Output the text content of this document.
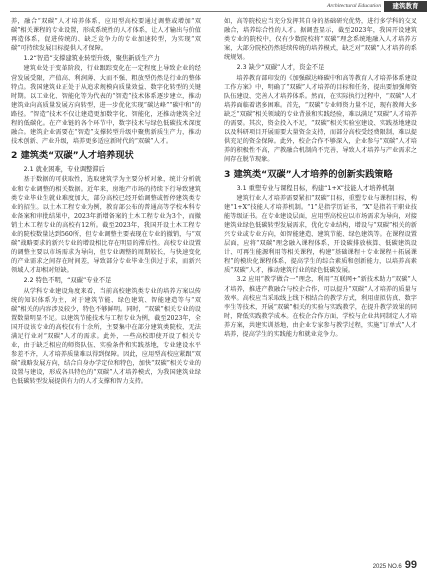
Architectural Education	建筑教育

养，融合“双碳”人才培养体系，应用型高校要通过调整或增加“双碳”相关课程的专业设置，形成系统性的人才体系，让人才输出与价值再造体系，促进传统的、缺乏竞争力的专业加速转型，为实现“双碳”可持续发展目标提供人才保障。

1.2“智造”支撑建筑业转型升级，聚焦新质生产力

建筑业处于变革阶段，行业跟踪变化在一定程度上导致企业的经营发展受限，产值高、利润薄、大而不强、粗放型仍然是行业的整体特点。我国建筑业正处于从追求规模向质量效益、数字化转型的关键时期。以工业化、智能化等为代表的“智造”技术体系逐步建立，推动建筑业向高质量发展方向转型，进一步优化实现“碳达峰”“碳中和”的路径。“智造”技术不仅让建造更加数字化、智能化，还推动建筑全过程的低碳化。在产业链的各个环节中，数字技术与绿色低碳技术深度融合。建筑企业需要在“智造”支撑转型升级中聚焦新质生产力，推动技术创新、产业升级，培养更多适应新时代的“双碳”人才。

2 建筑类“双碳”人才培养现状
2.1 就业困难，专业调整滞后

基于数据的可获取性，选取建筑学为主要分析对象，统计分析就业和专业调整的相关数据。近年来，房地产市场的持续下行导致建筑类专业毕业生就业难度加大，部分高校已经开始调整或暂停建筑类专业的招生。以土木工程专业为例，教育部公布的普通高等学校本科专业备案和审批结果中，2023年新增备案的土木工程专业为3个，而撤销土木工程专业的高校有12所。截至2023年，我国开设土木工程专业的院校数量达到560所，但专业调整主要表现在专业的撤销，与“双碳”战略要求的新兴专业的增设相比存在明显的滞后性。高校专业设置的调整主要以市场需求为导向，但专业调整的周期较长，与快速变化的产业需求之间存在时间差，导致部分专业毕业生供过于求，而新兴领域人才却相对短缺。

2.2 特色不明，“双碳”专业不足

从学科专业建设角度来看，当前高校建筑类专业的培养方案以传统的知识体系为主，对于建筑节能、绿色建筑、智能建造等与“双碳”相关的内容涉及较少，特色不够鲜明。同时，“双碳”相关专业的设置数量明显不足。以建筑节能技术与工程专业为例，截至2023年，全国开设该专业的高校仅有十余所，主要集中在部分建筑类院校，无法满足行业对“双碳”人才的需求。此外，一些高校即使开设了相关专业，由于缺乏相应的师资队伍、实验条件和实践基地，专业建设水平参差不齐，人才培养质量难以得到保障。因此，应用型高校应紧跟“双碳”战略发展方向，结合自身办学定位和特色，加快“双碳”相关专业的设置与建设，形成各具特色的“双碳”人才培养模式，为我国建筑业绿色低碳转型发展提供有力的人才支撑和智力支持。

如，高等院校应当充分发挥其自身的基础研究优势，进行多学科的交叉融合，培养综合性的人才。据调查显示，截至2023年，我国开设建筑类专业的院校中，仅有少数院校将“双碳”理念系统地融入人才培养方案，大部分院校仍然延续传统的培养模式，缺乏对“双碳”人才培养的系统规划。

2.3 缺少“双碳”人才，资金不足

培养教育部印发的《加强碳达峰碳中和高等教育人才培养体系建设工作方案》中，明确了“双碳”人才培养的目标和任务，提出要加强师资队伍建设、完善人才培养体系。然而，在实际执行过程中，“双碳”人才培养面临着诸多困难。首先，“双碳”专业师资力量不足，现有教师大多缺乏“双碳”相关领域的专业背景和实践经验，难以满足“双碳”人才培养的需要。其次，资金投入不足，“双碳”相关实验室建设、实践基地建设以及科研项目开展需要大量资金支持，而部分高校受经费限制，难以提供充足的资金保障。此外，校企合作不够深入，企业参与“双碳”人才培养的积极性不高，产教融合机制尚不完善，导致人才培养与产业需求之间存在脱节现象。

3 建筑类“双碳”人才培养的创新实践策略
3.1 重塑专业与课程目标，构建“1+X”技能人才培养机制

建筑行业人才培养需要紧扣“双碳”目标，重塑专业与课程目标，构建“1+X”技能人才培养机制。“1”是指学历证书，“X”是指若干职业技能等级证书。在专业建设层面，应用型高校应以市场需求为导向，对接建筑业绿色低碳转型发展需求，优化专业结构，增设与“双碳”相关的新兴专业或专业方向，如智能建造、建筑节能、绿色建筑等。在课程设置层面，应将“双碳”理念融入课程体系，开设碳排放核算、低碳建筑设计、可再生能源利用等相关课程，构建“基础课程＋专业课程＋拓展课程”的模块化课程体系，提高学生的综合素质和创新能力，以培养高素质“双碳”人才，推动建筑行业的绿色低碳发展。

3.2 应用“教学做合一”理念，利用“互联网+”新技术助力“双碳”人才培养，推进产教融合与校企合作，可以提升“双碳”人才培养的质量与效率。高校应当采取线上线下相结合的教学方式，利用虚拟仿真、数字孪生等技术，开展“双碳”相关的实验与实践教学，在提升教学效果的同时，降低实践教学成本。在校企合作方面，学校与企业共同制定人才培养方案，共建实训基地，由企业专家参与教学过程，实施“订单式”人才培养，提高学生的实践能力和就业竞争力。

2025 NO.6 99
